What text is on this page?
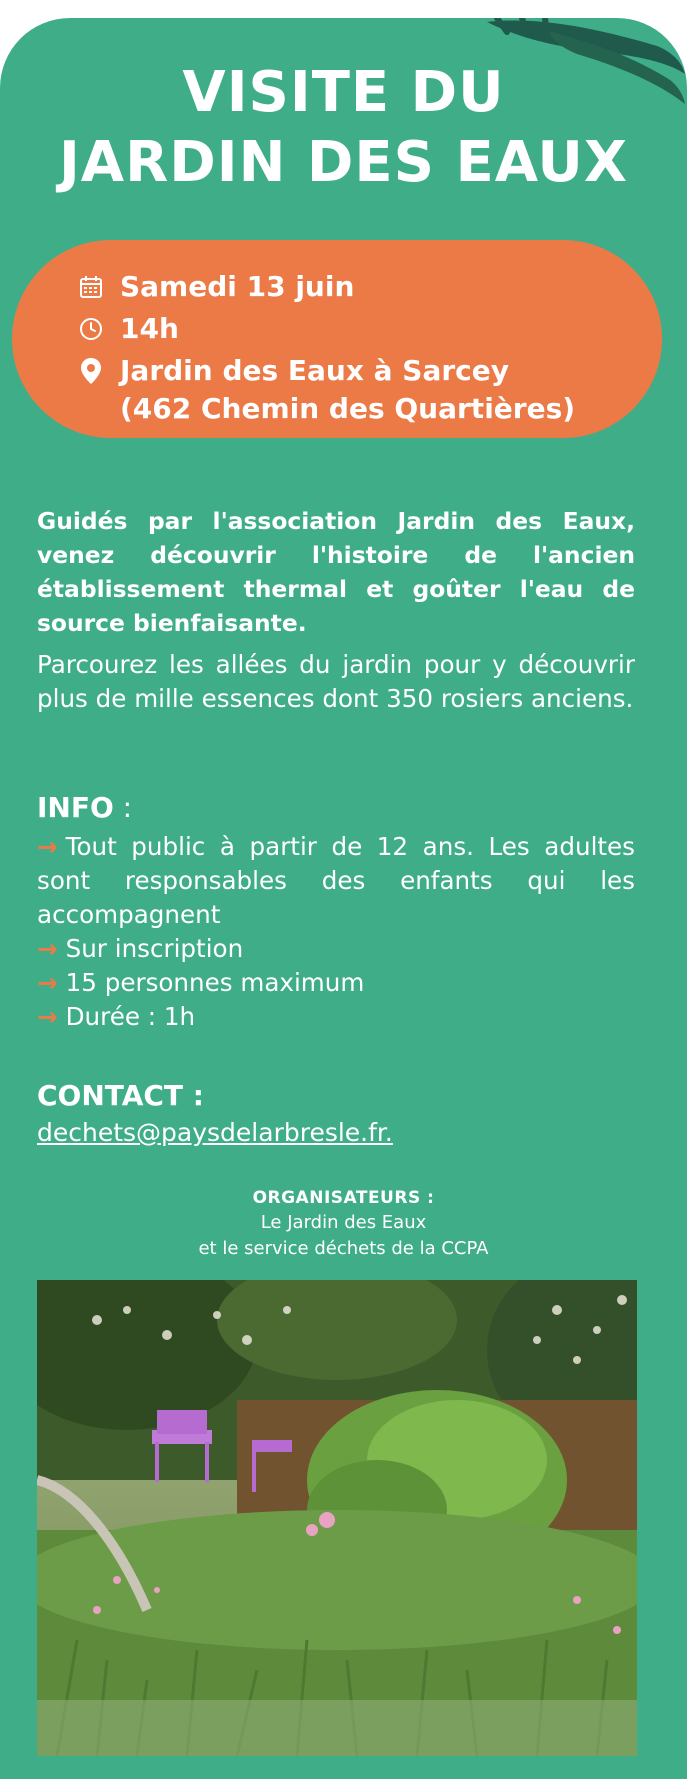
VISITE DU
JARDIN DES EAUX
Samedi 13 juin
14h
Jardin des Eaux à Sarcey
(462 Chemin des Quartières)
Guidés par l'association Jardin des Eaux, venez découvrir l'histoire de l'ancien établissement thermal et goûter l'eau de source bienfaisante.
Parcourez les allées du jardin pour y découvrir plus de mille essences dont 350 rosiers anciens.
INFO :
→ Tout public à partir de 12 ans. Les adultes sont responsables des enfants qui les accompagnent
→ Sur inscription
→ 15 personnes maximum
→ Durée : 1h
CONTACT :
dechets@paysdelarbresle.fr.
ORGANISATEURS :
Le Jardin des Eaux
et le service déchets de la CCPA
